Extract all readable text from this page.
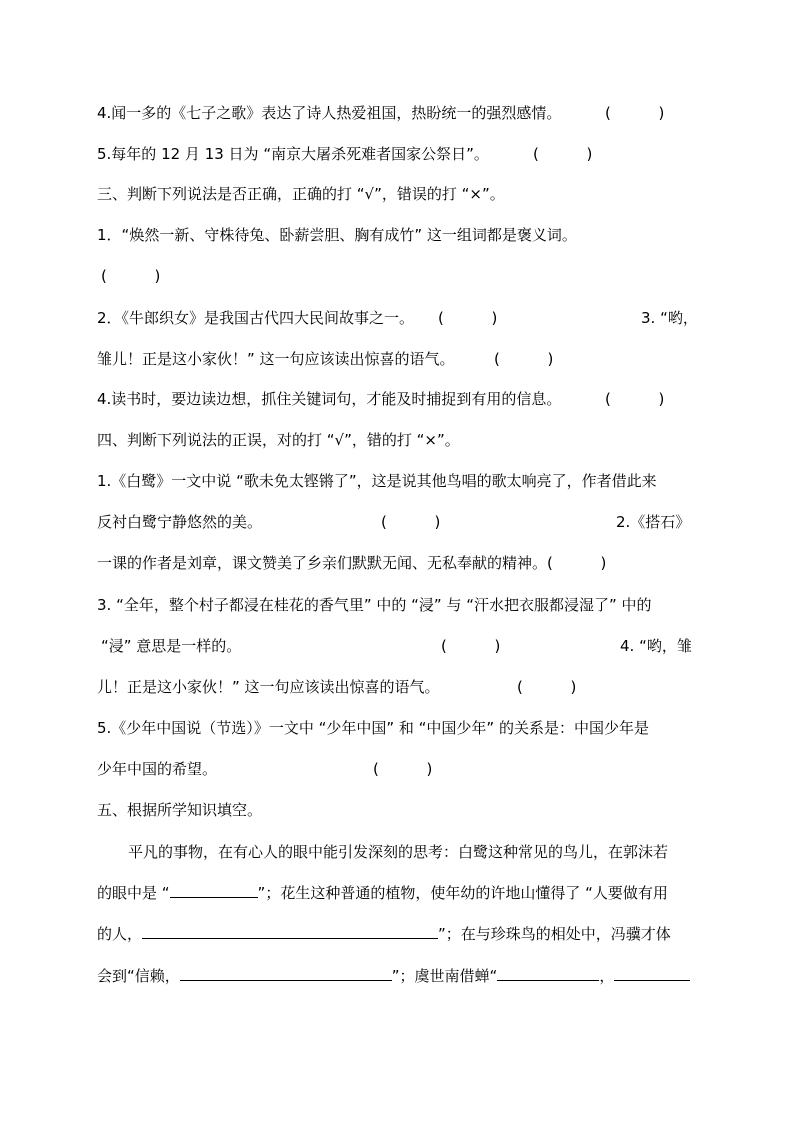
4.闻一多的《七子之歌》表达了诗人热爱祖国，热盼统一的强烈感情。	(          )
5.每年的 12 月 13 日为 “南京大屠杀死难者国家公祭日”。	(          )
三、判断下列说法是否正确，正确的打 “√”，错误的打 “×”。
1．“焕然一新、守株待兔、卧薪尝胆、胸有成竹” 这一组词都是褒义词。
(          )
2．《牛郎织女》是我国古代四大民间故事之一。 (          )	3. “哟，
雏儿！正是这小家伙！” 这一句应该读出惊喜的语气。	(          )
4.读书时，要边读边想，抓住关键词句，才能及时捕捉到有用的信息。	(          )
四、判断下列说法的正误，对的打 “√”，错的打 “×”。
1.《白鹭》一文中说 “歌未免太铿锵了”，这是说其他鸟唱的歌太响亮了，作者借此来
反衬白鹭宁静悠然的美。	(          )	2.《搭石》
一课的作者是刘章，课文赞美了乡亲们默默无闻、无私奉献的精神。(          )
3. “全年，整个村子都浸在桂花的香气里” 中的 “浸” 与 “汗水把衣服都浸湿了” 中的
“浸” 意思是一样的。	(          )	4. “哟，雏
儿！正是这小家伙！” 这一句应该读出惊喜的语气。	(          )
5.《少年中国说（节选）》一文中 “少年中国” 和 “中国少年” 的关系是：中国少年是
少年中国的希望。	(          )
五、根据所学知识填空。
平凡的事物，在有心人的眼中能引发深刻的思考：白鹭这种常见的鸟儿，在郭沫若
的眼中是 “	”；花生这种普通的植物，使年幼的许地山懂得了 “人要做有用
的人，	”；在与珍珠鸟的相处中，冯骥才体
会到“信赖，	”；虞世南借蝉“	，
